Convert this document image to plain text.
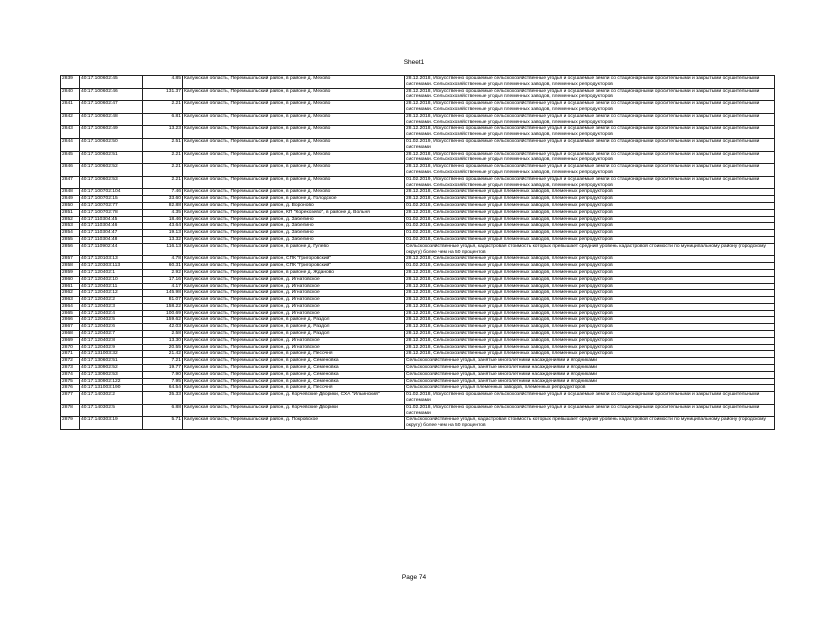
Sheet1
2839	40:17:100602:45	4.85	Калужская область, Перемышльский район, в районе д. Мехово	28.12.2018, Искусственно орошаемые сельскохозяйственные угодья и осушаемые земли со стационарными оросительными и закрытыми осушительными системами. Сельскохозяйственные угодья племенных заводов, племенных репродукторов
2840	40:17:100602:46	131.37	Калужская область, Перемышльский район, в районе д. Мехово	28.12.2018, Искусственно орошаемые сельскохозяйственные угодья и осушаемые земли со стационарными оросительными и закрытыми осушительными системами. Сельскохозяйственные угодья племенных заводов, племенных репродукторов
2841	40:17:100602:47	2.21	Калужская область, Перемышльский район, в районе д. Мехово	28.12.2018, Искусственно орошаемые сельскохозяйственные угодья и осушаемые земли со стационарными оросительными и закрытыми осушительными системами. Сельскохозяйственные угодья племенных заводов, племенных репродукторов
2842	40:17:100602:48	6.81	Калужская область, Перемышльский район, в районе д. Мехово	28.12.2018, Искусственно орошаемые сельскохозяйственные угодья и осушаемые земли со стационарными оросительными и закрытыми осушительными системами. Сельскохозяйственные угодья племенных заводов, племенных репродукторов
2843	40:17:100602:49	13.23	Калужская область, Перемышльский район, в районе д. Мехово	28.12.2018, Искусственно орошаемые сельскохозяйственные угодья и осушаемые земли со стационарными оросительными и закрытыми осушительными системами. Сельскохозяйственные угодья племенных заводов, племенных репродукторов
2844	40:17:100602:50	2.51	Калужская область, Перемышльский район, в районе д. Мехово	01.02.2019, Искусственно орошаемые сельскохозяйственные угодья и осушаемые земли со стационарными оросительными и закрытыми осушительными системами
2845	40:17:100602:51	2.21	Калужская область, Перемышльский район, в районе д. Мехово	28.12.2018, Искусственно орошаемые сельскохозяйственные угодья и осушаемые земли со стационарными оросительными и закрытыми осушительными системами. Сельскохозяйственные угодья племенных заводов, племенных репродукторов
2846	40:17:100602:52	2.21	Калужская область, Перемышльский район, в районе д. Мехово	28.12.2018, Искусственно орошаемые сельскохозяйственные угодья и осушаемые земли со стационарными оросительными и закрытыми осушительными системами. Сельскохозяйственные угодья племенных заводов, племенных репродукторов
2847	40:17:100602:53	2.21	Калужская область, Перемышльский район, в районе д. Мехово	01.02.2019, Искусственно орошаемые сельскохозяйственные угодья и осушаемые земли со стационарными оросительными и закрытыми осушительными системами. Сельскохозяйственные угодья племенных заводов, племенных репродукторов
2848	40:17:100702:104	7.46	Калужская область, Перемышльский район, в районе д. Мехово	28.12.2018, Сельскохозяйственные угодья племенных заводов, племенных репродукторов
2849	40:17:100702:15	33.60	Калужская область, Перемышльский район, в районе д. Голодское	28.12.2018, Сельскохозяйственные угодья племенных заводов, племенных репродукторов
2850	40:17:100702:77	82.88	Калужская область, Перемышльский район, д. Вороново	01.02.2018, Сельскохозяйственные угодья племенных заводов, племенных репродукторов
2851	40:17:100702:78	4.35	Калужская область, Перемышльский район, КП "Корекозево", в районе д. Вольня	28.12.2018, Сельскохозяйственные угодья племенных заводов, племенных репродукторов
2852	40:17:110304:45	18.46	Калужская область, Перемышльский район, д. Забелино	01.02.2018, Сельскохозяйственные угодья племенных заводов, племенных репродукторов
2853	40:17:110304:46	43.64	Калужская область, Перемышльский район, д. Забелино	01.02.2018, Сельскохозяйственные угодья племенных заводов, племенных репродукторов
2854	40:17:110304:47	19.13	Калужская область, Перемышльский район, д. Забелино	01.02.2018, Сельскохозяйственные угодья племенных заводов, племенных репродукторов
2855	40:17:110304:48	13.32	Калужская область, Перемышльский район, д. Забелино	01.02.2018, Сельскохозяйственные угодья племенных заводов, племенных репродукторов
2856	40:17:110902:44	116.13	Калужская область, Перемышльский район, в районе д. Гулево	Сельскохозяйственные угодья, кадастровая стоимость которых превышает средний уровень кадастровой стоимости по муниципальному району (городскому округу) более чем на 50 процентов
2857	40:17:120103:13	4.78	Калужская область, Перемышльский район, СПК "Григоровский"	28.12.2018, Сельскохозяйственные угодья племенных заводов, племенных репродукторов
2858	40:17:120303:113	60.31	Калужская область, Перемышльский район, СПК "Григоровский"	01.02.2018, Сельскохозяйственные угодья племенных заводов, племенных репродукторов
2859	40:17:120402:1	2.92	Калужская область, Перемышльский район, в районе д. Жданово	28.12.2018, Сельскохозяйственные угодья племенных заводов, племенных репродукторов
2860	40:17:120402:10	17.16	Калужская область, Перемышльский район, д. Игнатовское	28.12.2018, Сельскохозяйственные угодья племенных заводов, племенных репродукторов
2861	40:17:120402:11	4.17	Калужская область, Перемышльский район, д. Игнатовское	28.12.2018, Сельскохозяйственные угодья племенных заводов, племенных репродукторов
2862	40:17:120402:12	145.98	Калужская область, Перемышльский район, д. Игнатовское	28.12.2018, Сельскохозяйственные угодья племенных заводов, племенных репродукторов
2863	40:17:120402:2	81.07	Калужская область, Перемышльский район, д. Игнатовское	28.12.2018, Сельскохозяйственные угодья племенных заводов, племенных репродукторов
2864	40:17:120402:3	158.22	Калужская область, Перемышльский район, д. Игнатовское	28.12.2018, Сельскохозяйственные угодья племенных заводов, племенных репродукторов
2865	40:17:120402:4	100.69	Калужская область, Перемышльский район, д. Игнатовское	28.12.2018, Сельскохозяйственные угодья племенных заводов, племенных репродукторов
2866	40:17:120402:5	159.62	Калужская область, Перемышльский район, в районе д. Раздол	28.12.2018, Сельскохозяйственные угодья племенных заводов, племенных репродукторов
2867	40:17:120402:6	42.03	Калужская область, Перемышльский район, в районе д. Раздол	28.12.2018, Сельскохозяйственные угодья племенных заводов, племенных репродукторов
2868	40:17:120402:7	2.58	Калужская область, Перемышльский район, в районе д. Раздол	28.12.2018, Сельскохозяйственные угодья племенных заводов, племенных репродукторов
2869	40:17:120402:8	13.30	Калужская область, Перемышльский район, д. Игнатовское	28.12.2018, Сельскохозяйственные угодья племенных заводов, племенных репродукторов
2870	40:17:120402:9	20.55	Калужская область, Перемышльский район, д. Игнатовское	28.12.2018, Сельскохозяйственные угодья племенных заводов, племенных репродукторов
2871	40:17:131003:32	21.42	Калужская область, Перемышльский район, в районе д. Песочня	28.12.2018, Сельскохозяйственные угодья племенных заводов, племенных репродукторов
2872	40:17:130602:51	7.21	Калужская область, Перемышльский район, в районе д. Семеновка	Сельскохозяйственные угодья, занятые многолетними насаждениями и ягодниками
2873	40:17:130902:52	19.77	Калужская область, Перемышльский район, в районе д. Семеновка	Сельскохозяйственные угодья, занятые многолетними насаждениями и ягодниками
2874	40:17:130902:53	7.90	Калужская область, Перемышльский район, в районе д. Семеновка	Сельскохозяйственные угодья, занятые многолетними насаждениями и ягодниками
2875	40:17:130902:122	7.95	Калужская область, Перемышльский район, в районе д. Семеновка	Сельскохозяйственные угодья, занятые многолетними насаждениями и ягодниками
2876	40:17:131003:190	64.54	Калужская область, Перемышльский район, в районе д. Песочня	Сельскохозяйственные угодья племенных заводов, племенных репродукторов
2877	40:17:140302:2	35.33	Калужская область, Перемышльский район, д. Корчевские Дворики, СХА "Ильинский"	01.02.2018, Искусственно орошаемые сельскохозяйственные угодья и осушаемые земли со стационарными оросительными и закрытыми осушительными системами
2878	40:17:140302:5	6.88	Калужская область, Перемышльский район, д. Корчевские Дворики	01.02.2018, Искусственно орошаемые сельскохозяйственные угодья и осушаемые земли со стационарными оросительными и закрытыми осушительными системами
2879	40:17:140303:19	5.71	Калужская область, Перемышльский район, д. Покровское	Сельскохозяйственные угодья, кадастровая стоимость которых превышает средний уровень кадастровой стоимости по муниципальному району (городскому округу) более чем на 50 процентов
Page 74
